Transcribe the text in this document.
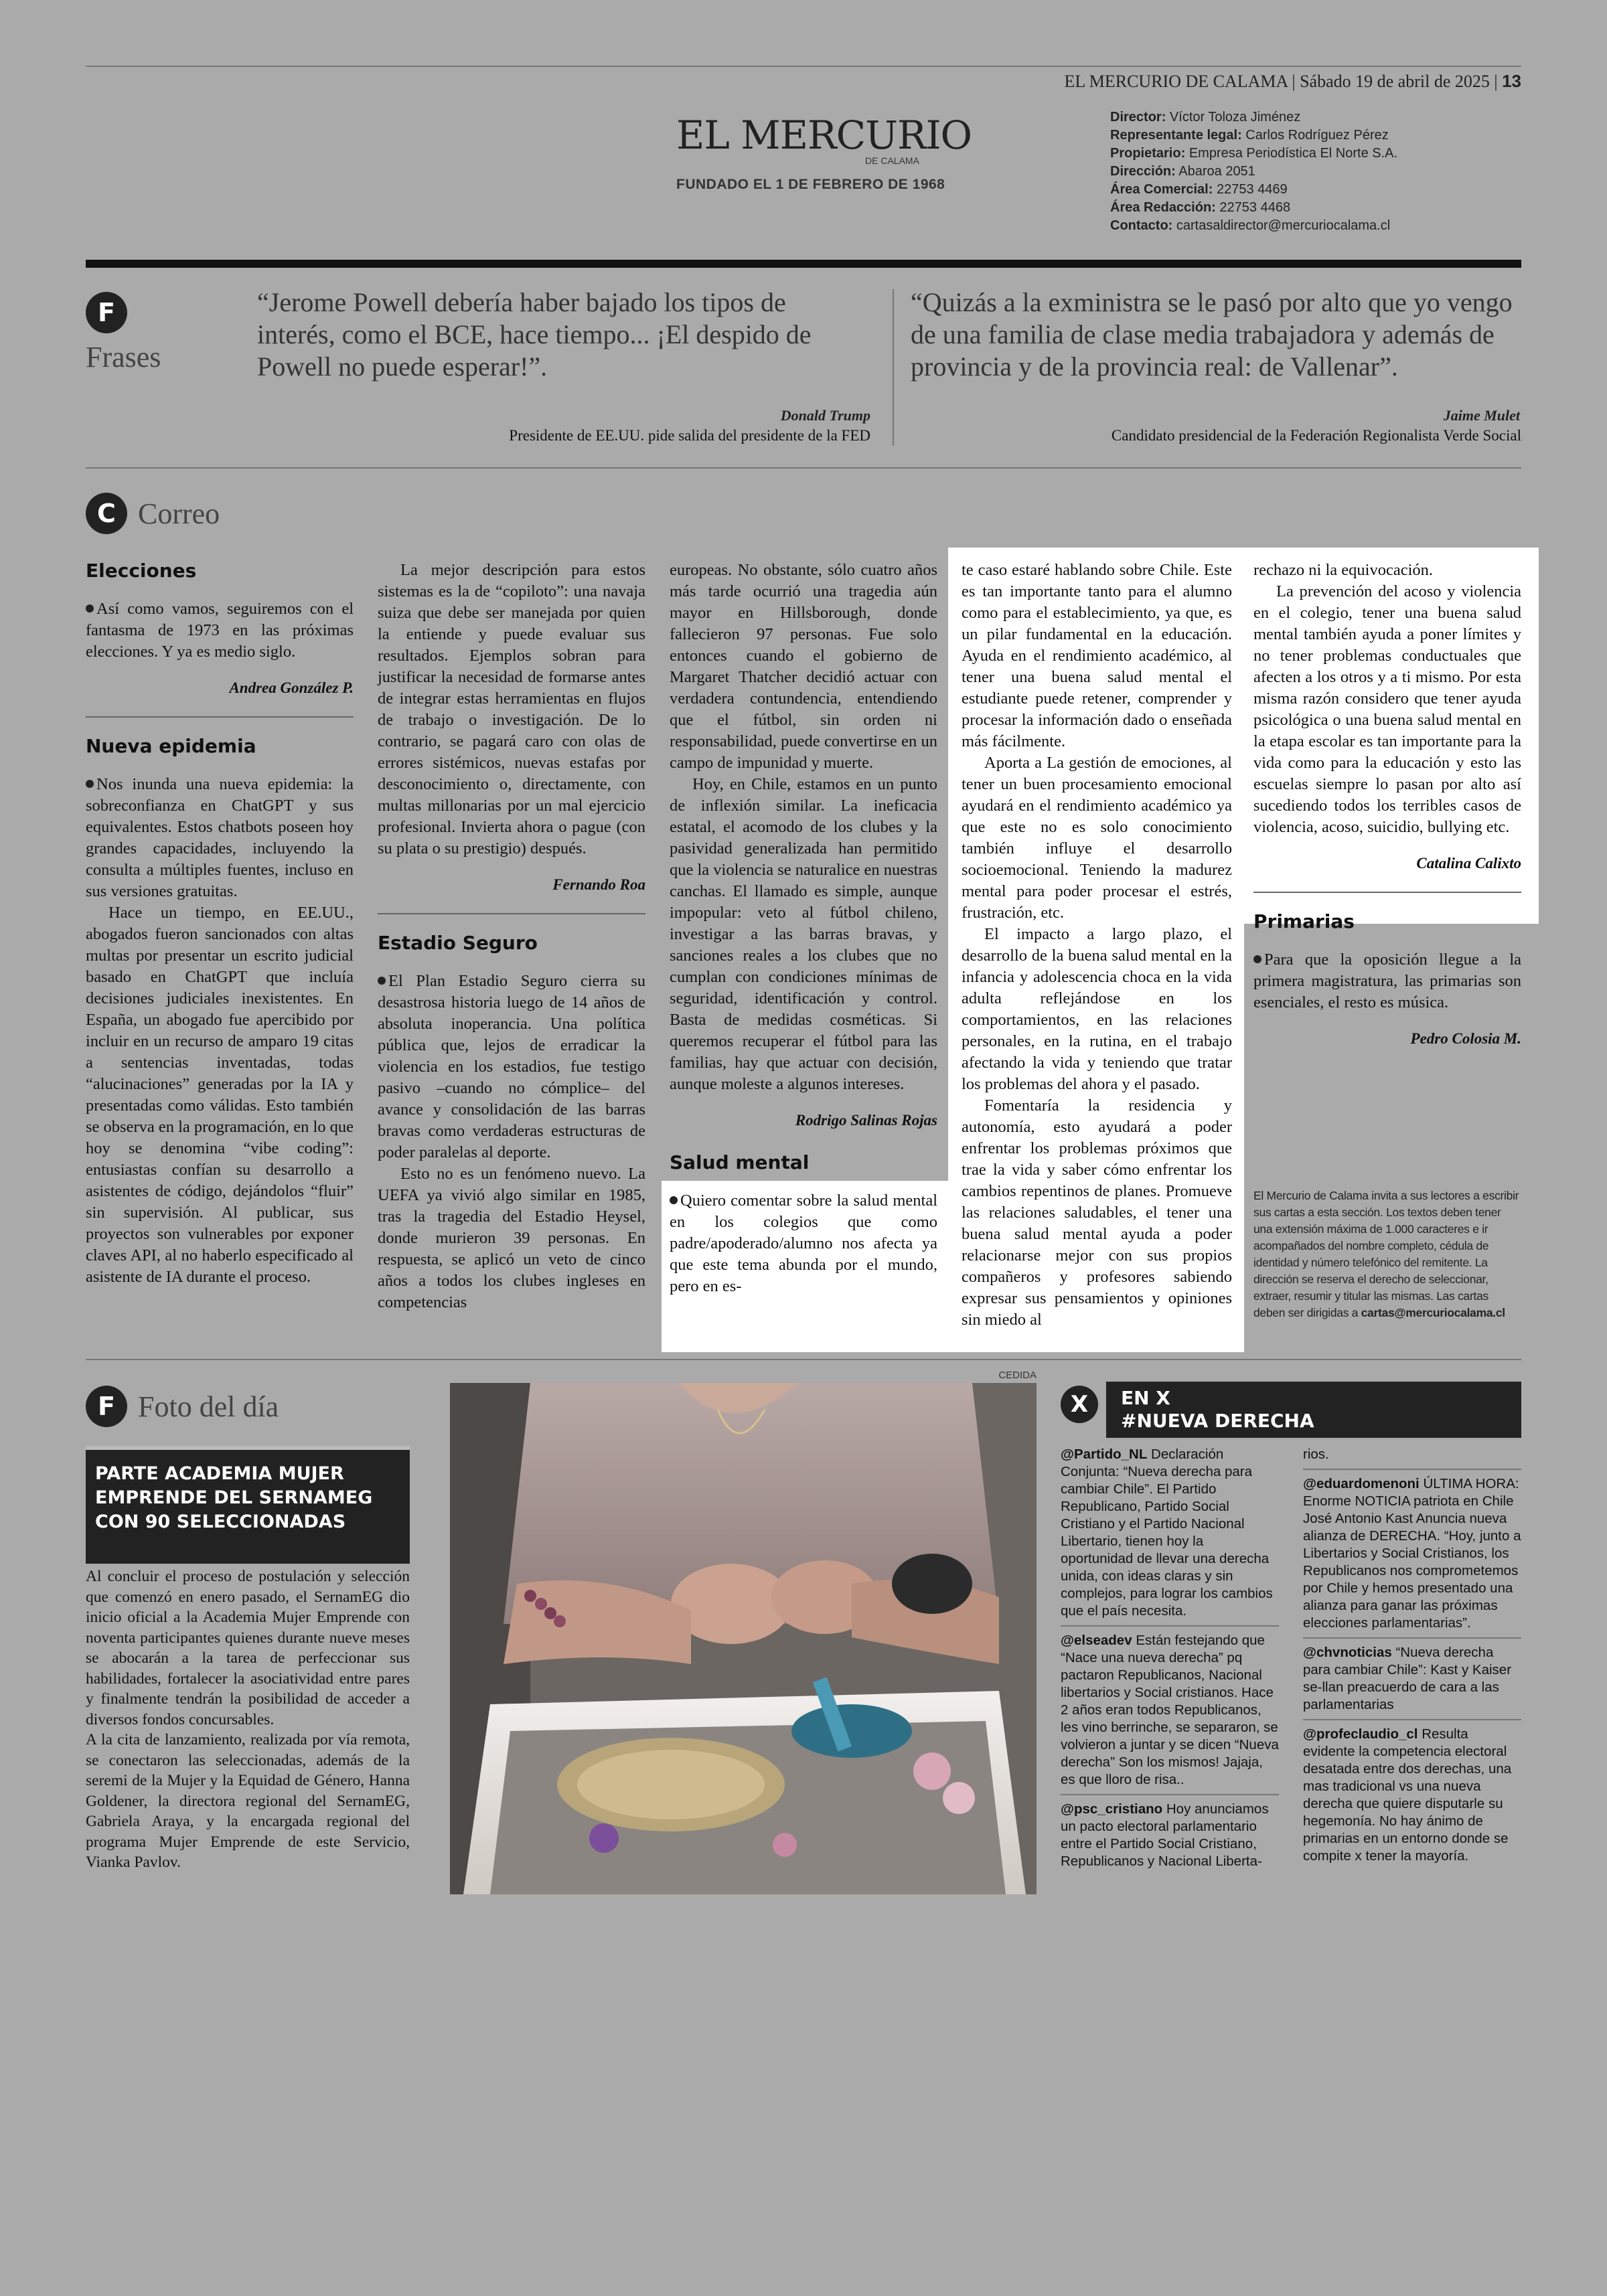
EL MERCURIO DE CALAMA | Sábado 19 de abril de 2025 | 13
EL MERCURIO
DE CALAMA
FUNDADO EL 1 DE FEBRERO DE 1968
Director: Víctor Toloza Jiménez
Representante legal: Carlos Rodríguez Pérez
Propietario: Empresa Periodística El Norte S.A.
Dirección: Abaroa 2051
Área Comercial: 22753 4469
Área Redacción: 22753 4468
Contacto: cartasaldirector@mercuriocalama.cl
F
Frases
“Jerome Powell debería haber bajado los tipos de interés, como el BCE, hace tiempo... ¡El despido de Powell no puede esperar!”.
Donald Trump
Presidente de EE.UU. pide salida del presidente de la FED
“Quizás a la exministra se le pasó por alto que yo vengo de una familia de clase media trabajadora y además de provincia y de la provincia real: de Vallenar”.
Jaime Mulet
Candidato presidencial de la Federación Regionalista Verde Social
C Correo
Elecciones

Así como vamos, seguiremos con el fantasma de 1973 en las próximas elecciones. Y ya es medio siglo.

Andrea González P.

Nueva epidemia

Nos inunda una nueva epidemia: la sobreconfianza en ChatGPT y sus equivalentes. Estos chatbots poseen hoy grandes capacidades, incluyendo la consulta a múltiples fuentes, incluso en sus versiones gratuitas.

Hace un tiempo, en EE.UU., abogados fueron sancionados con altas multas por presentar un escrito judicial basado en ChatGPT que incluía decisiones judiciales inexistentes. En España, un abogado fue apercibido por incluir en un recurso de amparo 19 citas a sentencias inventadas, todas “alucinaciones” generadas por la IA y presentadas como válidas. Esto también se observa en la programación, en lo que hoy se denomina “vibe coding”: entusiastas confían su desarrollo a asistentes de código, dejándolos “fluir” sin supervisión. Al publicar, sus proyectos son vulnerables por exponer claves API, al no haberlo especificado al asistente de IA durante el proceso.

La mejor descripción para estos sistemas es la de “copiloto”: una navaja suiza que debe ser manejada por quien la entiende y puede evaluar sus resultados. Ejemplos sobran para justificar la necesidad de formarse antes de integrar estas herramientas en flujos de trabajo o investigación. De lo contrario, se pagará caro con olas de errores sistémicos, nuevas estafas por desconocimiento o, directamente, con multas millonarias por un mal ejercicio profesional. Invierta ahora o pague (con su plata o su prestigio) después.

Fernando Roa

Estadio Seguro

El Plan Estadio Seguro cierra su desastrosa historia luego de 14 años de absoluta inoperancia. Una política pública que, lejos de erradicar la violencia en los estadios, fue testigo pasivo –cuando no cómplice– del avance y consolidación de las barras bravas como verdaderas estructuras de poder paralelas al deporte.

Esto no es un fenómeno nuevo. La UEFA ya vivió algo similar en 1985, tras la tragedia del Estadio Heysel, donde murieron 39 personas. En respuesta, se aplicó un veto de cinco años a todos los clubes ingleses en competencias

europeas. No obstante, sólo cuatro años más tarde ocurrió una tragedia aún mayor en Hillsborough, donde fallecieron 97 personas. Fue solo entonces cuando el gobierno de Margaret Thatcher decidió actuar con verdadera contundencia, entendiendo que el fútbol, sin orden ni responsabilidad, puede convertirse en un campo de impunidad y muerte.

Hoy, en Chile, estamos en un punto de inflexión similar. La ineficacia estatal, el acomodo de los clubes y la pasividad generalizada han permitido que la violencia se naturalice en nuestras canchas. El llamado es simple, aunque impopular: veto al fútbol chileno, investigar a las barras bravas, y sanciones reales a los clubes que no cumplan con condiciones mínimas de seguridad, identificación y control. Basta de medidas cosméticas. Si queremos recuperar el fútbol para las familias, hay que actuar con decisión, aunque moleste a algunos intereses.

Rodrigo Salinas Rojas

Salud mental

Quiero comentar sobre la salud mental en los colegios que como padre/apoderado/alumno nos afecta ya que este tema abunda por el mundo, pero en es-

te caso estaré hablando sobre Chile. Este es tan importante tanto para el alumno como para el establecimiento, ya que, es un pilar fundamental en la educación. Ayuda en el rendimiento académico, al tener una buena salud mental el estudiante puede retener, comprender y procesar la información dado o enseñada más fácilmente.

Aporta a La gestión de emociones, al tener un buen procesamiento emocional ayudará en el rendimiento académico ya que este no es solo conocimiento también influye el desarrollo socioemocional. Teniendo la madurez mental para poder procesar el estrés, frustración, etc.

El impacto a largo plazo, el desarrollo de la buena salud mental en la infancia y adolescencia choca en la vida adulta reflejándose en los comportamientos, en las relaciones personales, en la rutina, en el trabajo afectando la vida y teniendo que tratar los problemas del ahora y el pasado.

Fomentaría la residencia y autonomía, esto ayudará a poder enfrentar los problemas próximos que trae la vida y saber cómo enfrentar los cambios repentinos de planes. Promueve las relaciones saludables, el tener una buena salud mental ayuda a poder relacionarse mejor con sus propios compañeros y profesores sabiendo expresar sus pensamientos y opiniones sin miedo al

rechazo ni la equivocación.

La prevención del acoso y violencia en el colegio, tener una buena salud mental también ayuda a poner límites y no tener problemas conductuales que afecten a los otros y a ti mismo. Por esta misma razón considero que tener ayuda psicológica o una buena salud mental en la etapa escolar es tan importante para la vida como para la educación y esto las escuelas siempre lo pasan por alto así sucediendo todos los terribles casos de violencia, acoso, suicidio, bullying etc.

Catalina Calixto

Primarias

Para que la oposición llegue a la primera magistratura, las primarias son esenciales, el resto es música.

Pedro Colosia M.

El Mercurio de Calama invita a sus lectores a escribir sus cartas a esta sección. Los textos deben tener una extensión máxima de 1.000 caracteres e ir acompañados del nombre completo, cédula de identidad y número telefónico del remitente. La dirección se reserva el derecho de seleccionar, extraer, resumir y titular las mismas. Las cartas deben ser dirigidas a cartas@mercuriocalama.cl
F Foto del día
PARTE ACADEMIA MUJER EMPRENDE DEL SERNAMEG CON 90 SELECCIONADAS

Al concluir el proceso de postulación y selección que comenzó en enero pasado, el SernamEG dio inicio oficial a la Academia Mujer Emprende con noventa participantes quienes durante nueve meses se abocarán a la tarea de perfeccionar sus habilidades, fortalecer la asociatividad entre pares y finalmente tendrán la posibilidad de acceder a diversos fondos concursables.

A la cita de lanzamiento, realizada por vía remota, se conectaron las seleccionadas, además de la seremi de la Mujer y la Equidad de Género, Hanna Goldener, la directora regional del SernamEG, Gabriela Araya, y la encargada regional del programa Mujer Emprende de este Servicio, Vianka Pavlov.

CEDIDA
X	EN X
#NUEVA DERECHA

@Partido_NL Declaración Conjunta: “Nueva derecha para cambiar Chile”. El Partido Republicano, Partido Social Cristiano y el Partido Nacional Libertario, tienen hoy la oportunidad de llevar una derecha unida, con ideas claras y sin complejos, para lograr los cambios que el país necesita.

@elseadev Están festejando que “Nace una nueva derecha” pq pactaron Republicanos, Nacional libertarios y Social cristianos. Hace 2 años eran todos Republicanos, les vino berrinche, se separaron, se volvieron a juntar y se dicen “Nueva derecha” Son los mismos! Jajaja, es que lloro de risa..

@psc_cristiano Hoy anunciamos un pacto electoral parlamentario entre el Partido Social Cristiano, Republicanos y Nacional Liberta-

rios.

@eduardomenoni ÚLTIMA HORA: Enorme NOTICIA patriota en Chile José Antonio Kast Anuncia nueva alianza de DERECHA. “Hoy, junto a Libertarios y Social Cristianos, los Republicanos nos comprometemos por Chile y hemos presentado una alianza para ganar las próximas elecciones parlamentarias”.

@chvnoticias “Nueva derecha para cambiar Chile”: Kast y Kaiser se-llan preacuerdo de cara a las parlamentarias

@profeclaudio_cl Resulta evidente la competencia electoral desatada entre dos derechas, una mas tradicional vs una nueva derecha que quiere disputarle su hegemonía. No hay ánimo de primarias en un entorno donde se compite x tener la mayoría.
